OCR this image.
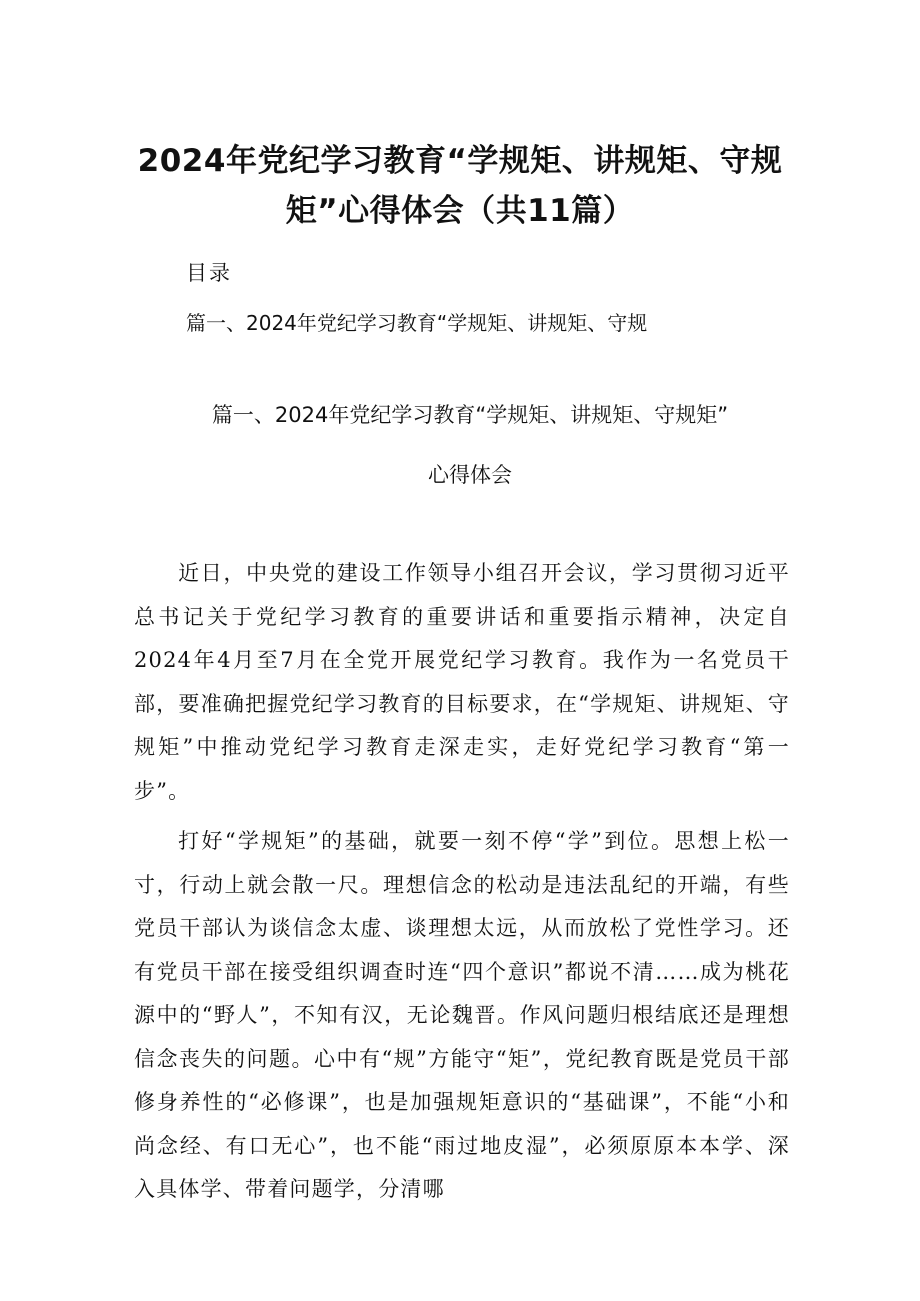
2024年党纪学习教育“学规矩、讲规矩、守规
矩”心得体会（共11篇）
目录
篇一、2024年党纪学习教育“学规矩、讲规矩、守规
篇一、2024年党纪学习教育“学规矩、讲规矩、守规矩”
心得体会

近日，中央党的建设工作领导小组召开会议，学习贯彻习近平总书记关于党纪学习教育的重要讲话和重要指示精神，决定自2024年4月至7月在全党开展党纪学习教育。我作为一名党员干部，要准确把握党纪学习教育的目标要求，在“学规矩、讲规矩、守规矩”中推动党纪学习教育走深走实，走好党纪学习教育“第一步”。

打好“学规矩”的基础，就要一刻不停“学”到位。思想上松一寸，行动上就会散一尺。理想信念的松动是违法乱纪的开端，有些党员干部认为谈信念太虚、谈理想太远，从而放松了党性学习。还有党员干部在接受组织调查时连“四个意识”都说不清……成为桃花源中的“野人”，不知有汉，无论魏晋。作风问题归根结底还是理想信念丧失的问题。心中有“规”方能守“矩”，党纪教育既是党员干部修身养性的“必修课”，也是加强规矩意识的“基础课”，不能“小和尚念经、有口无心”，也不能“雨过地皮湿”，必须原原本本学、深入具体学、带着问题学，分清哪
